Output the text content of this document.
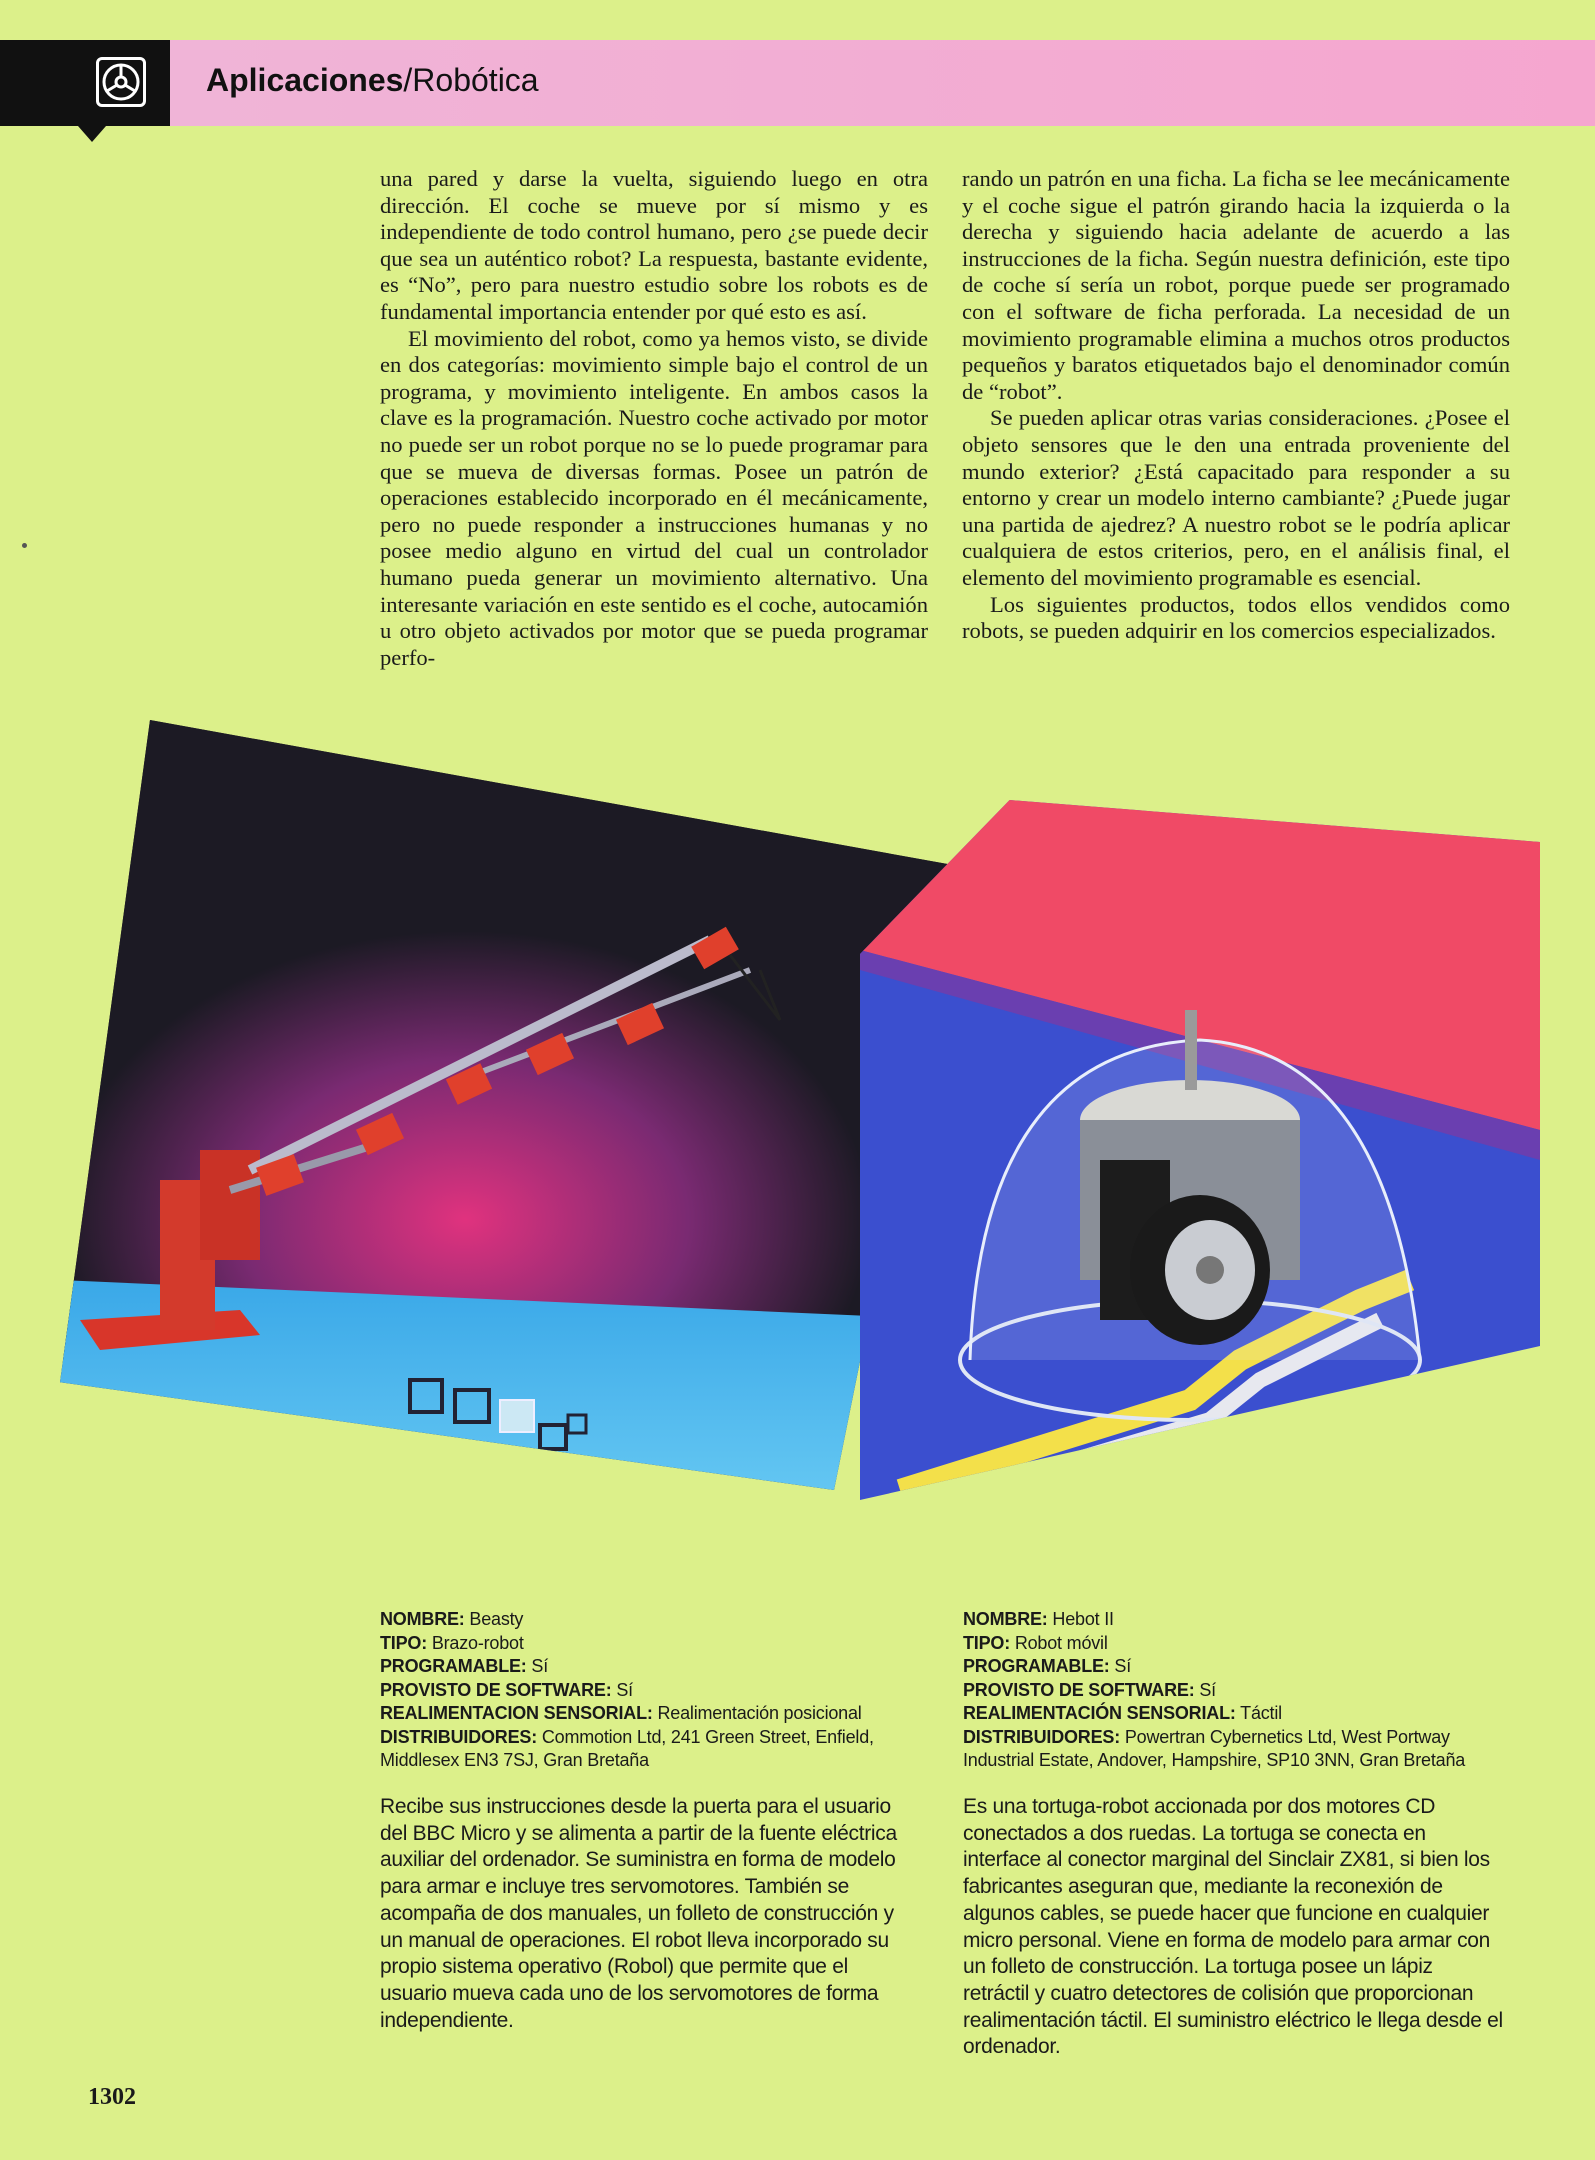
Aplicaciones/Robótica

una pared y darse la vuelta, siguiendo luego en otra dirección. El coche se mueve por sí mismo y es independiente de todo control humano, pero ¿se puede decir que sea un auténtico robot? La respuesta, bastante evidente, es “No”, pero para nuestro estudio sobre los robots es de fundamental importancia entender por qué esto es así.

El movimiento del robot, como ya hemos visto, se divide en dos categorías: movimiento simple bajo el control de un programa, y movimiento inteligente. En ambos casos la clave es la programación. Nuestro coche activado por motor no puede ser un robot porque no se lo puede programar para que se mueva de diversas formas. Posee un patrón de operaciones establecido incorporado en él mecánicamente, pero no puede responder a instrucciones humanas y no posee medio alguno en virtud del cual un controlador humano pueda generar un movimiento alternativo. Una interesante variación en este sentido es el coche, autocamión u otro objeto activados por motor que se pueda programar perfo-

rando un patrón en una ficha. La ficha se lee mecánicamente y el coche sigue el patrón girando hacia la izquierda o la derecha y siguiendo hacia adelante de acuerdo a las instrucciones de la ficha. Según nuestra definición, este tipo de coche sí sería un robot, porque puede ser programado con el software de ficha perforada. La necesidad de un movimiento programable elimina a muchos otros productos pequeños y baratos etiquetados bajo el denominador común de “robot”.

Se pueden aplicar otras varias consideraciones. ¿Posee el objeto sensores que le den una entrada proveniente del mundo exterior? ¿Está capacitado para responder a su entorno y crear un modelo interno cambiante? ¿Puede jugar una partida de ajedrez? A nuestro robot se le podría aplicar cualquiera de estos criterios, pero, en el análisis final, el elemento del movimiento programable es esencial.

Los siguientes productos, todos ellos vendidos como robots, se pueden adquirir en los comercios especializados.

NOMBRE: Beasty
TIPO: Brazo-robot
PROGRAMABLE: Sí
PROVISTO DE SOFTWARE: Sí
REALIMENTACION SENSORIAL: Realimentación posicional
DISTRIBUIDORES: Commotion Ltd, 241 Green Street, Enfield, Middlesex EN3 7SJ, Gran Bretaña
NOMBRE: Hebot II
TIPO: Robot móvil
PROGRAMABLE: Sí
PROVISTO DE SOFTWARE: Sí
REALIMENTACIÓN SENSORIAL: Táctil
DISTRIBUIDORES: Powertran Cybernetics Ltd, West Portway Industrial Estate, Andover, Hampshire, SP10 3NN, Gran Bretaña
Recibe sus instrucciones desde la puerta para el usuario del BBC Micro y se alimenta a partir de la fuente eléctrica auxiliar del ordenador. Se suministra en forma de modelo para armar e incluye tres servomotores. También se acompaña de dos manuales, un folleto de construcción y un manual de operaciones. El robot lleva incorporado su propio sistema operativo (Robol) que permite que el usuario mueva cada uno de los servomotores de forma independiente.
Es una tortuga-robot accionada por dos motores CD conectados a dos ruedas. La tortuga se conecta en interface al conector marginal del Sinclair ZX81, si bien los fabricantes aseguran que, mediante la reconexión de algunos cables, se puede hacer que funcione en cualquier micro personal. Viene en forma de modelo para armar con un folleto de construcción. La tortuga posee un lápiz retráctil y cuatro detectores de colisión que proporcionan realimentación táctil. El suministro eléctrico le llega desde el ordenador.
1302
